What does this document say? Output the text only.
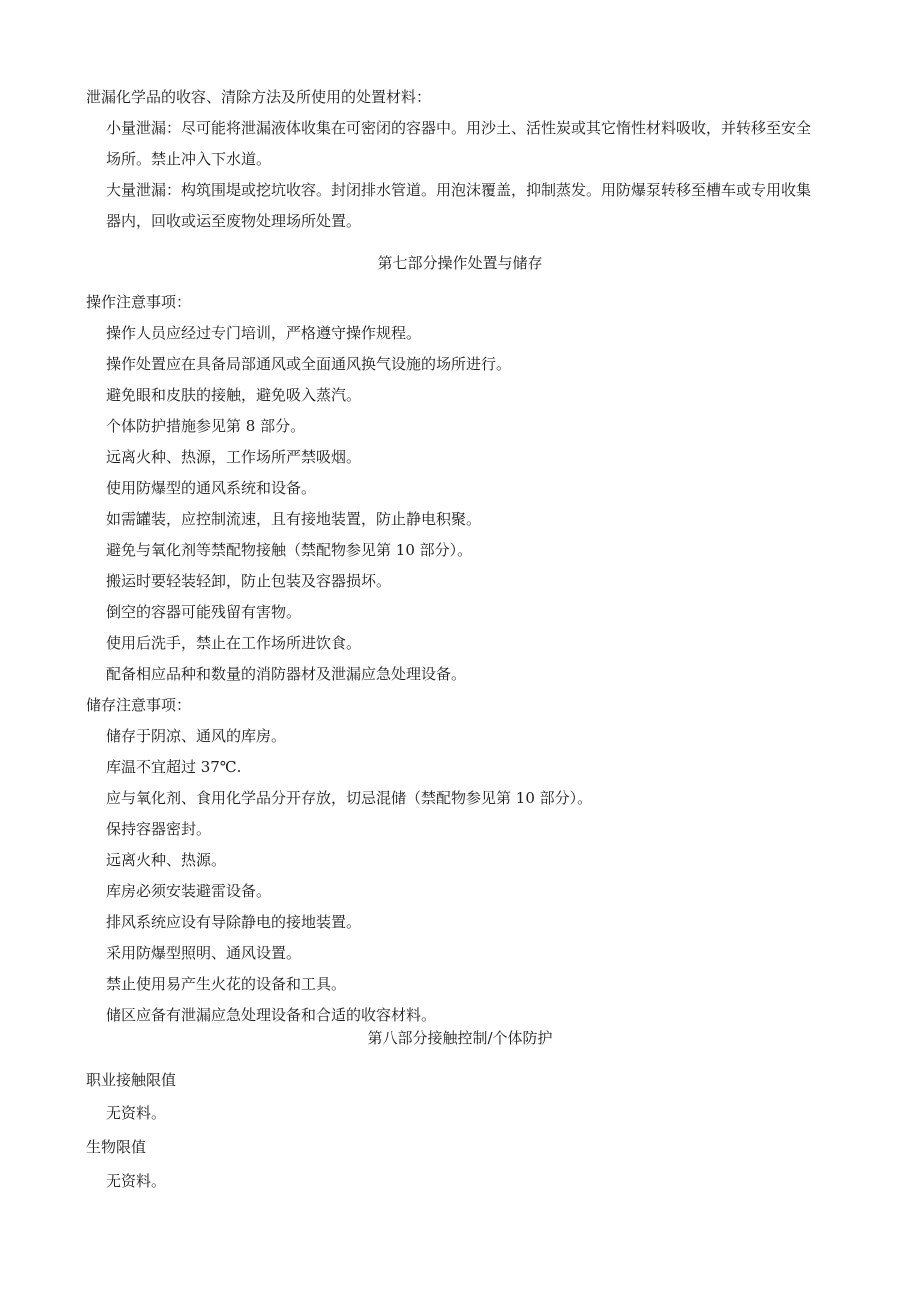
泄漏化学品的收容、清除方法及所使用的处置材料：
小量泄漏：尽可能将泄漏液体收集在可密闭的容器中。用沙土、活性炭或其它惰性材料吸收，并转移至安全
场所。禁止冲入下水道。
大量泄漏：构筑围堤或挖坑收容。封闭排水管道。用泡沫覆盖，抑制蒸发。用防爆泵转移至槽车或专用收集
器内，回收或运至废物处理场所处置。
第七部分操作处置与储存
操作注意事项：
操作人员应经过专门培训，严格遵守操作规程。
操作处置应在具备局部通风或全面通风换气设施的场所进行。
避免眼和皮肤的接触，避免吸入蒸汽。
个体防护措施参见第 8 部分。
远离火种、热源，工作场所严禁吸烟。
使用防爆型的通风系统和设备。
如需罐装，应控制流速，且有接地装置，防止静电积聚。
避免与氧化剂等禁配物接触（禁配物参见第 10 部分）。
搬运时要轻装轻卸，防止包装及容器损坏。
倒空的容器可能残留有害物。
使用后洗手，禁止在工作场所进饮食。
配备相应品种和数量的消防器材及泄漏应急处理设备。
储存注意事项：
储存于阴凉、通风的库房。
库温不宜超过 37℃.
应与氧化剂、食用化学品分开存放，切忌混储（禁配物参见第 10 部分）。
保持容器密封。
远离火种、热源。
库房必须安装避雷设备。
排风系统应设有导除静电的接地装置。
采用防爆型照明、通风设置。
禁止使用易产生火花的设备和工具。
储区应备有泄漏应急处理设备和合适的收容材料。
第八部分接触控制/个体防护
职业接触限值
无资料。
生物限值
无资料。
